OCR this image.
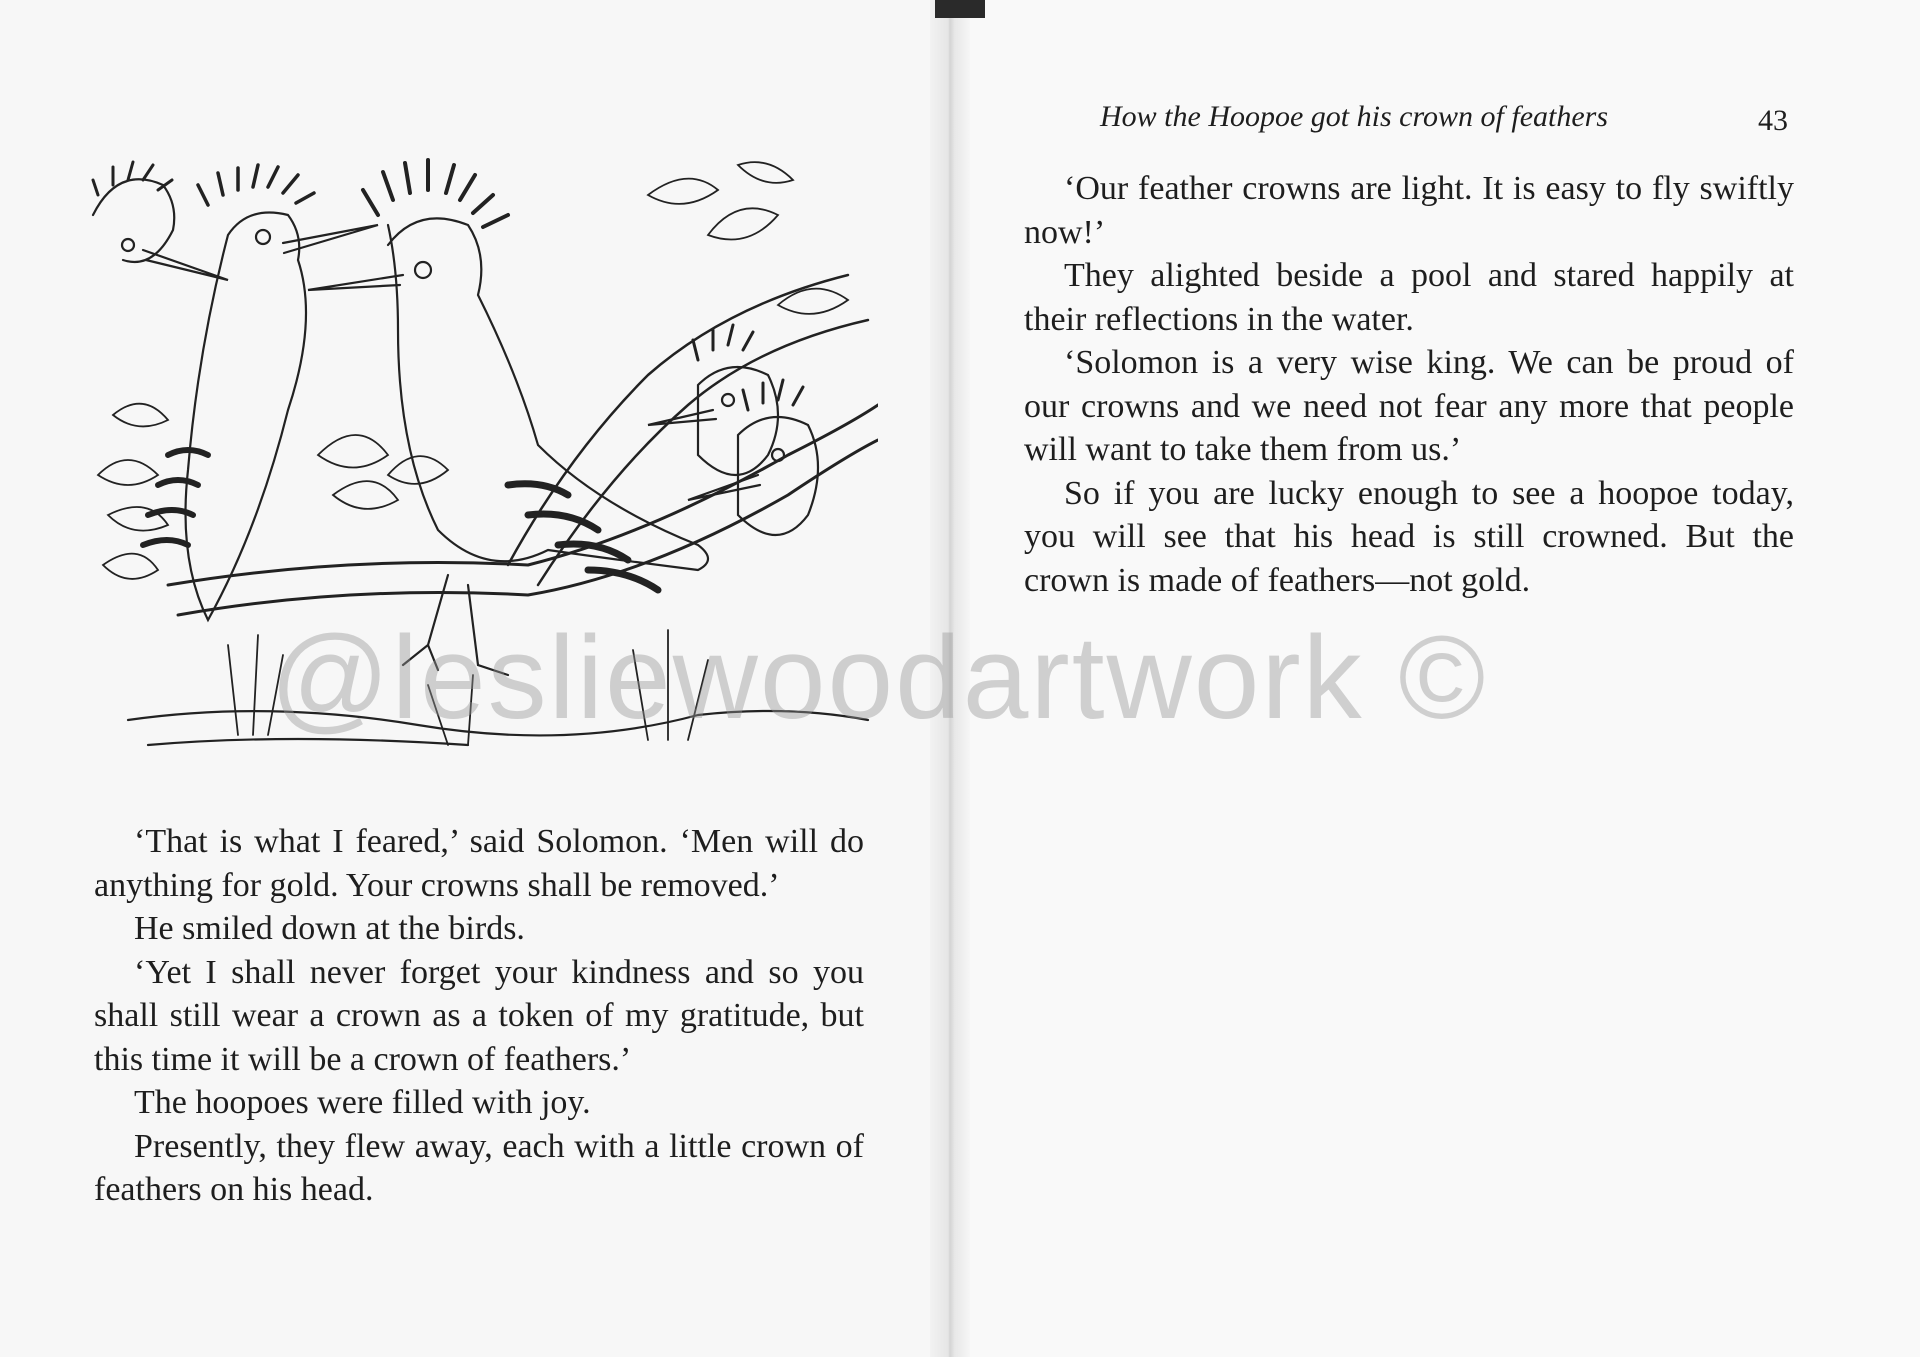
@lesliewoodartwork ©
How the Hoopoe got his crown of feathers	43

‘That is what I feared,’ said Solomon. ‘Men will do anything for gold. Your crowns shall be removed.’

He smiled down at the birds.

‘Yet I shall never forget your kindness and so you shall still wear a crown as a token of my gratitude, but this time it will be a crown of feathers.’

The hoopoes were filled with joy.

Presently, they flew away, each with a little crown of feathers on his head.

‘Our feather crowns are light. It is easy to fly swiftly now!’

They alighted beside a pool and stared happily at their reflections in the water.

‘Solomon is a very wise king. We can be proud of our crowns and we need not fear any more that people will want to take them from us.’

So if you are lucky enough to see a hoopoe today, you will see that his head is still crowned. But the crown is made of feathers—not gold.
